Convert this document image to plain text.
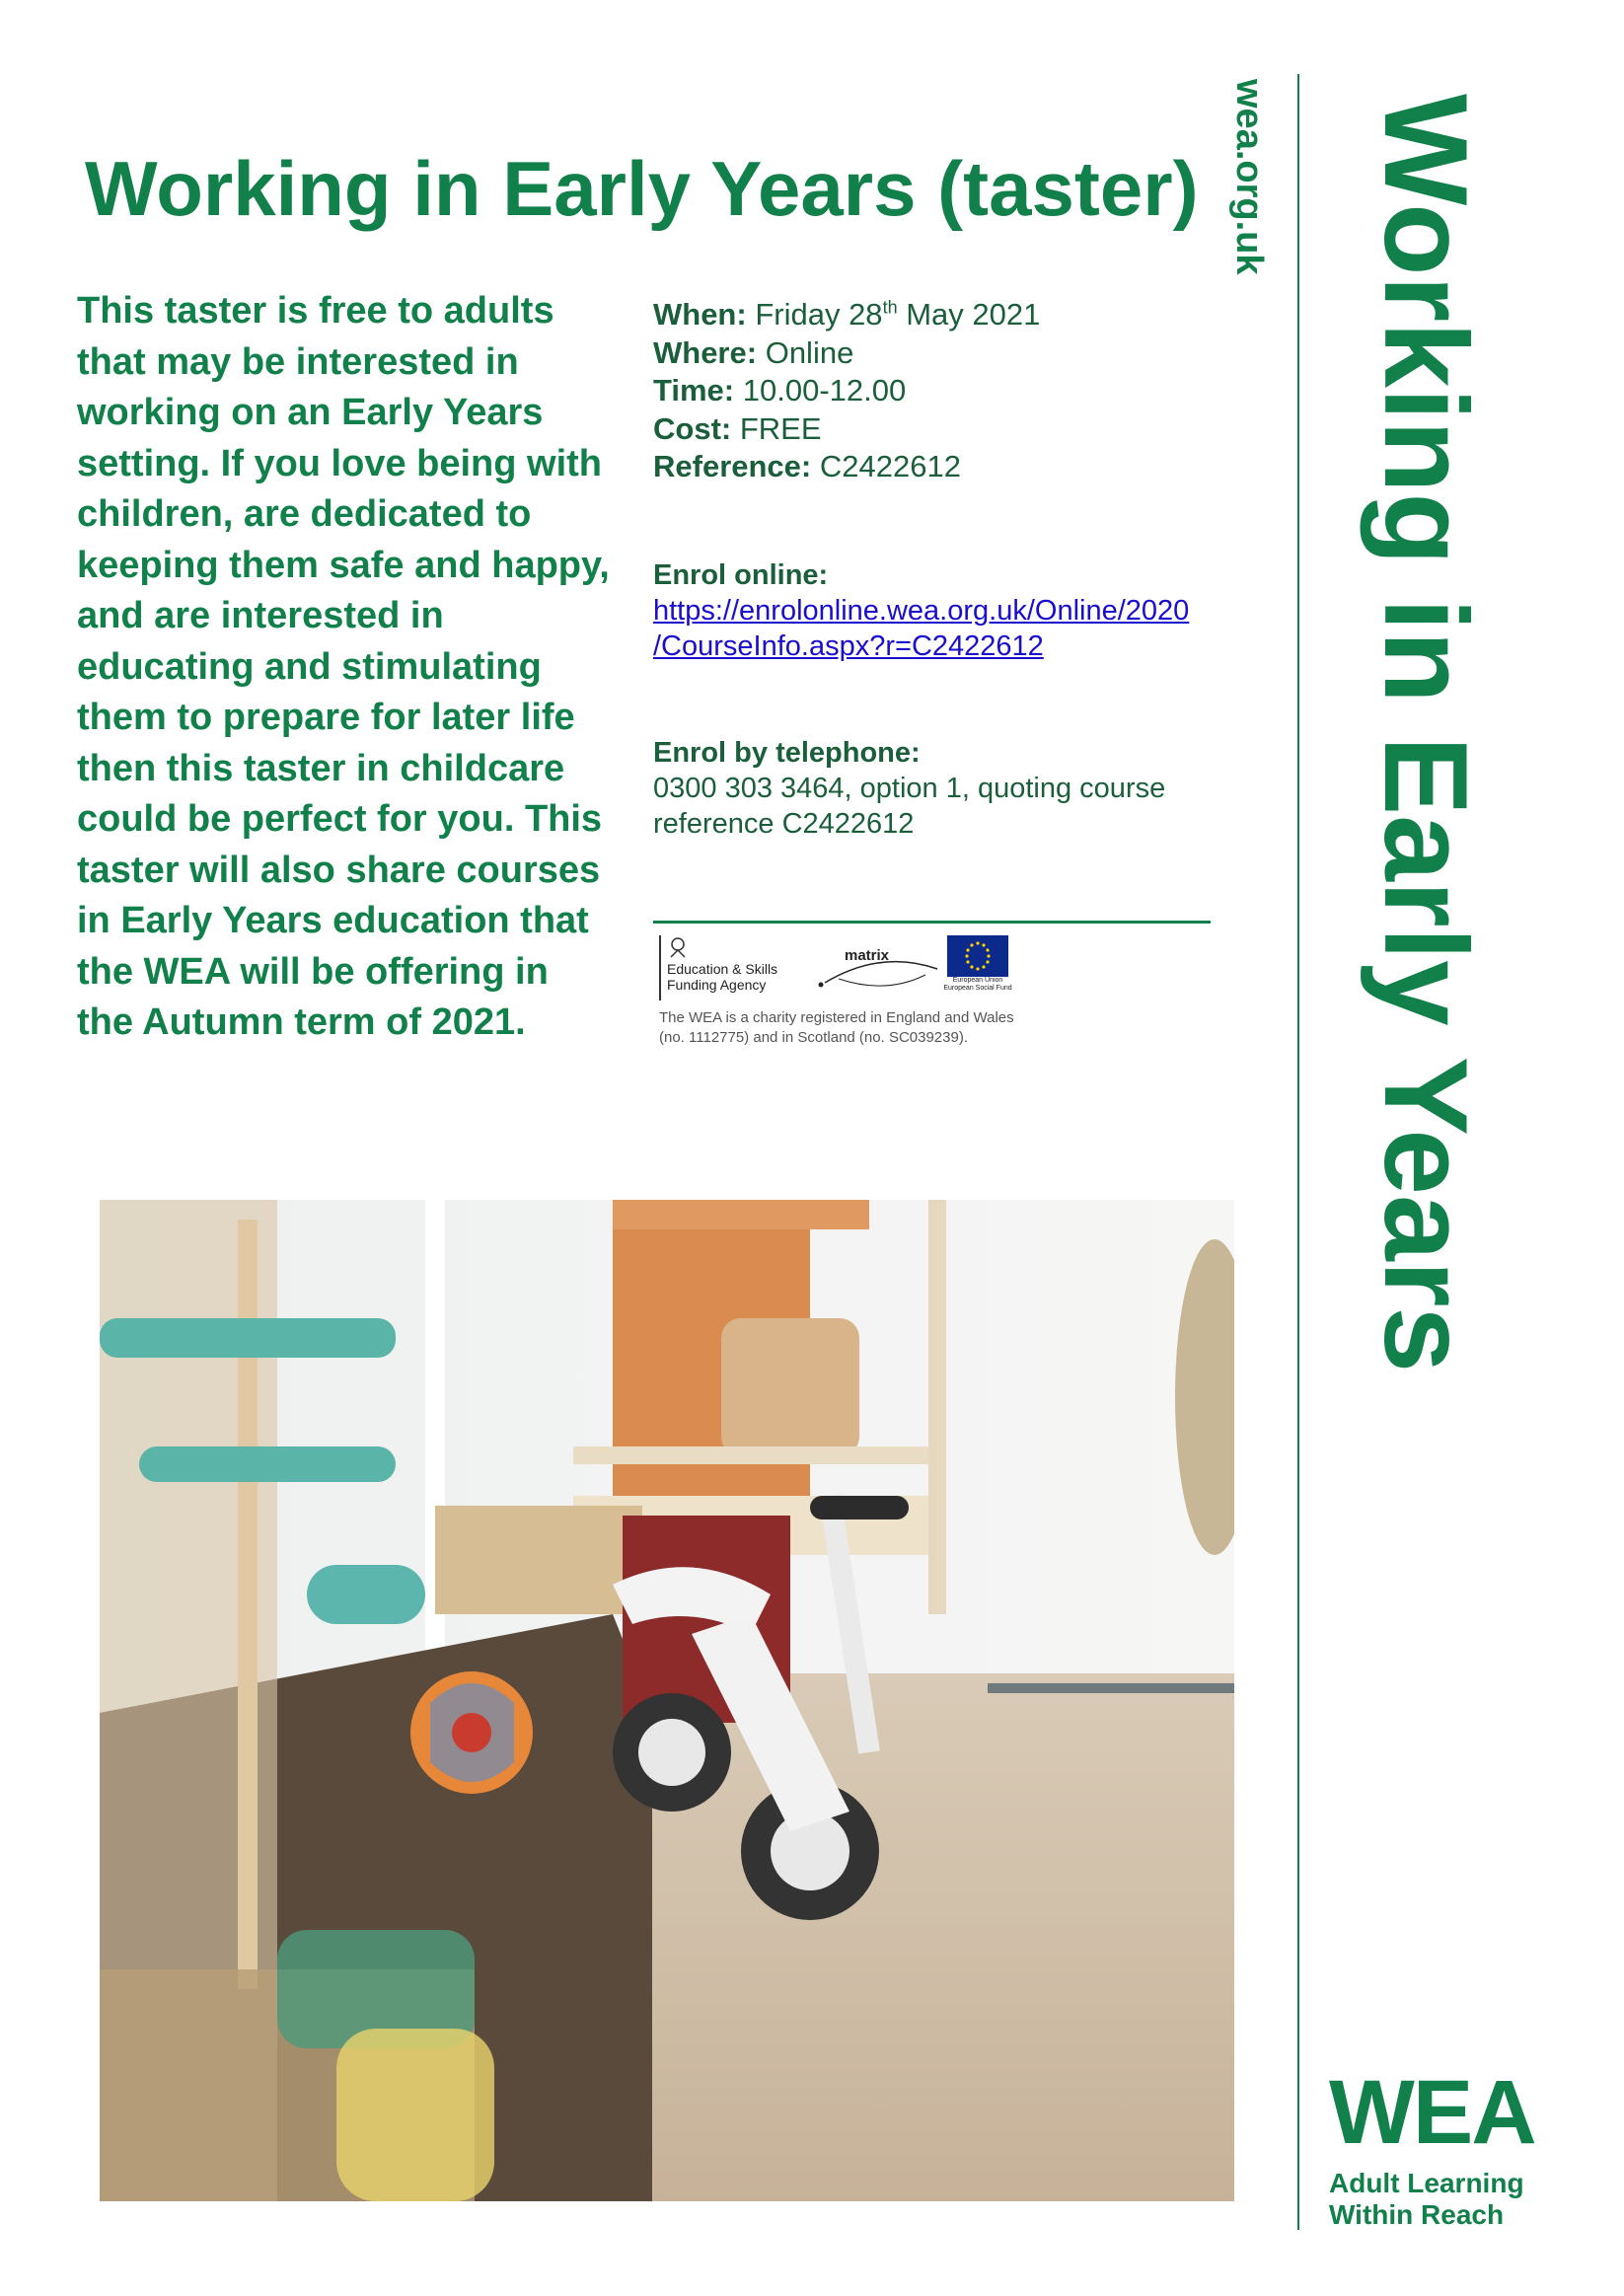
Working in Early Years (taster)

This taster is free to adults that may be interested in working on an Early Years setting. If you love being with children, are dedicated to keeping them safe and happy, and are interested in educating and stimulating them to prepare for later life then this taster in childcare could be perfect for you. This taster will also share courses in Early Years education that the WEA will be offering in the Autumn term of 2021.

When: Friday 28th May 2021
Where: Online
Time: 10.00-12.00
Cost: FREE
Reference: C2422612
Enrol online:
https://enrolonline.wea.org.uk/Online/2020
/CourseInfo.aspx?r=C2422612
Enrol by telephone:
0300 303 3464, option 1, quoting course
reference C2422612
Education & Skills
Funding Agency
matrix
European Union
European Social Fund
The WEA is a charity registered in England and Wales
(no. 1112775) and in Scotland (no. SC039239).
wea.org.uk Working in Early Years
WEA
Adult Learning
Within Reach
